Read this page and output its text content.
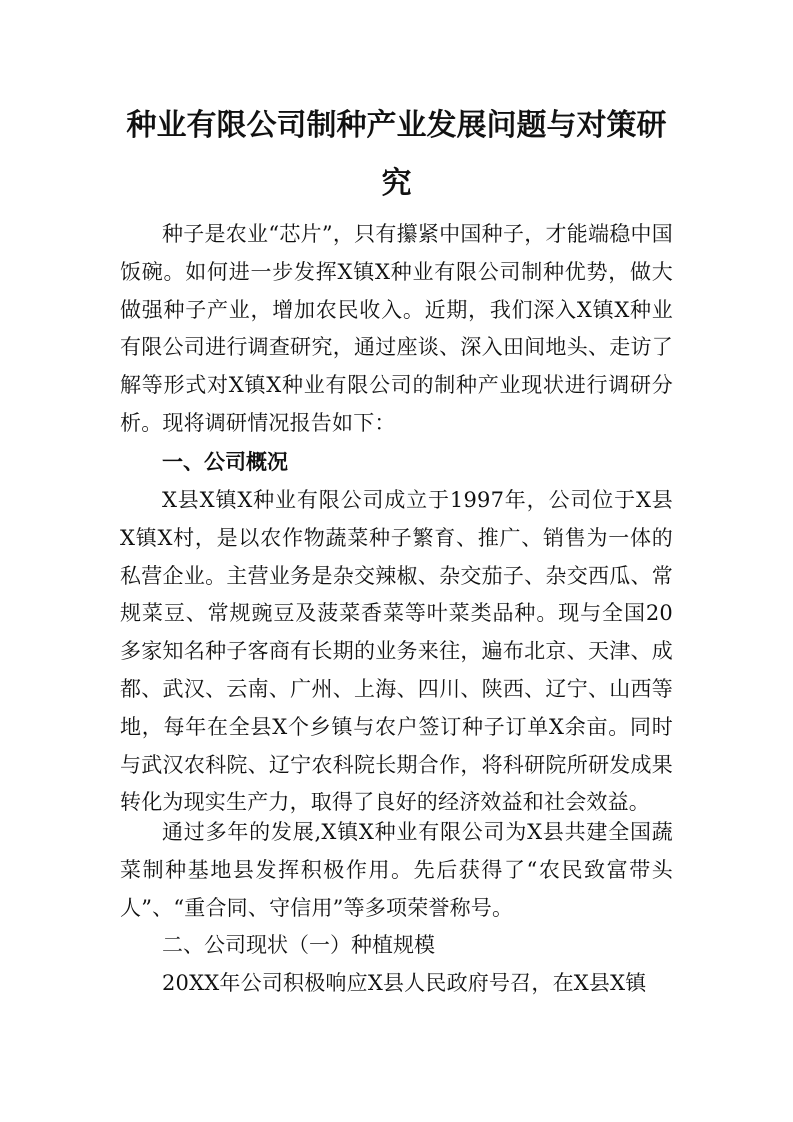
种业有限公司制种产业发展问题与对策研
究

种子是农业“芯片”，只有攥紧中国种子，才能端稳中国饭碗。如何进一步发挥X镇X种业有限公司制种优势，做大做强种子产业，增加农民收入。近期，我们深入X镇X种业有限公司进行调查研究，通过座谈、深入田间地头、走访了解等形式对X镇X种业有限公司的制种产业现状进行调研分析。现将调研情况报告如下：

一、公司概况

X县X镇X种业有限公司成立于1997年，公司位于X县X镇X村，是以农作物蔬菜种子繁育、推广、销售为一体的私营企业。主营业务是杂交辣椒、杂交茄子、杂交西瓜、常规菜豆、常规豌豆及菠菜香菜等叶菜类品种。现与全国20多家知名种子客商有长期的业务来往，遍布北京、天津、成都、武汉、云南、广州、上海、四川、陕西、辽宁、山西等地，每年在全县X个乡镇与农户签订种子订单X余亩。同时与武汉农科院、辽宁农科院长期合作，将科研院所研发成果转化为现实生产力，取得了良好的经济效益和社会效益。

通过多年的发展,X镇X种业有限公司为X县共建全国蔬菜制种基地县发挥积极作用。先后获得了“农民致富带头人”、“重合同、守信用”等多项荣誉称号。

二、公司现状（一）种植规模

20XX年公司积极响应X县人民政府号召，在X县X镇
